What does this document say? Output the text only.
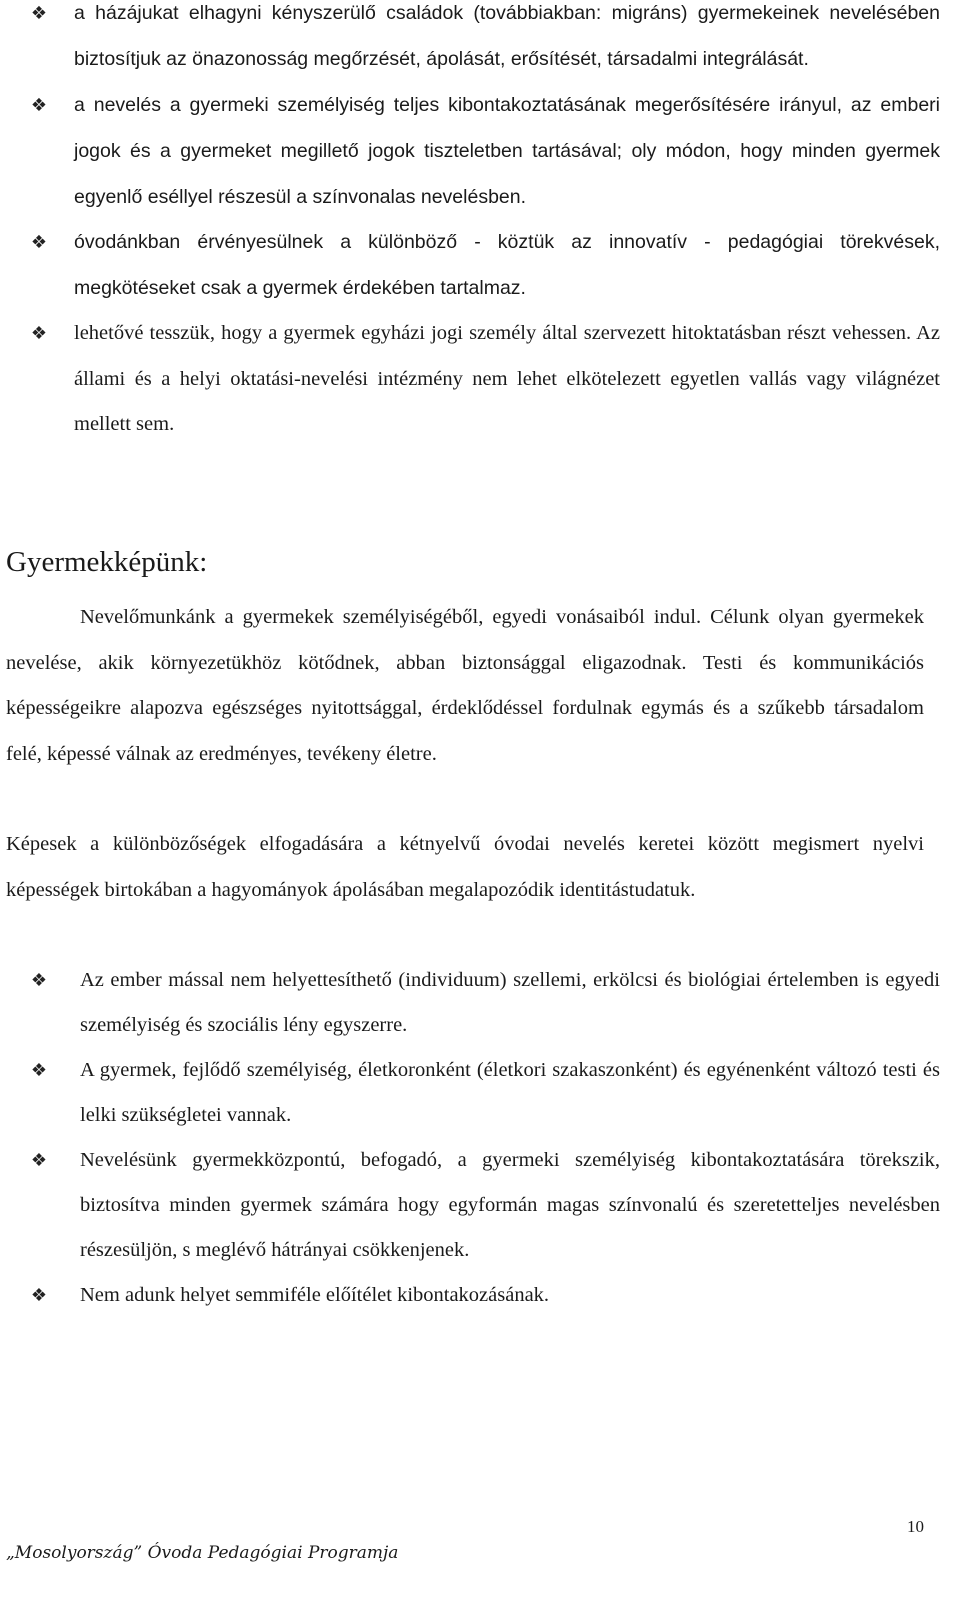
❖ a házájukat elhagyni kényszerülő családok (továbbiakban: migráns) gyermekeinek nevelésében biztosítjuk az önazonosság megőrzését, ápolását, erősítését, társadalmi integrálását.
❖ a nevelés a gyermeki személyiség teljes kibontakoztatásának megerősítésére irányul, az emberi jogok és a gyermeket megillető jogok tiszteletben tartásával; oly módon, hogy minden gyermek egyenlő eséllyel részesül a színvonalas nevelésben.
❖ óvodánkban érvényesülnek a különböző - köztük az innovatív - pedagógiai törekvések, megkötéseket csak a gyermek érdekében tartalmaz.
❖ lehetővé tesszük, hogy a gyermek egyházi jogi személy által szervezett hitoktatásban részt vehessen. Az állami és a helyi oktatási-nevelési intézmény nem lehet elkötelezett egyetlen vallás vagy világnézet mellett sem.
Gyermekképünk:

Nevelőmunkánk a gyermekek személyiségéből, egyedi vonásaiból indul. Célunk olyan gyermekek nevelése, akik környezetükhöz kötődnek, abban biztonsággal eligazodnak. Testi és kommunikációs képességeikre alapozva egészséges nyitottsággal, érdeklődéssel fordulnak egymás és a szűkebb társadalom felé, képessé válnak az eredményes, tevékeny életre.

Képesek a különbözőségek elfogadására a kétnyelvű óvodai nevelés keretei között megismert nyelvi képességek birtokában a hagyományok ápolásában megalapozódik identitástudatuk.

❖ Az ember mással nem helyettesíthető (individuum) szellemi, erkölcsi és biológiai értelemben is egyedi személyiség és szociális lény egyszerre.
❖ A gyermek, fejlődő személyiség, életkoronként (életkori szakaszonként) és egyénenként változó testi és lelki szükségletei vannak.
❖ Nevelésünk gyermekközpontú, befogadó, a gyermeki személyiség kibontakoztatására törekszik, biztosítva minden gyermek számára hogy egyformán magas színvonalú és szeretetteljes nevelésben részesüljön, s meglévő hátrányai csökkenjenek.
❖ Nem adunk helyet semmiféle előítélet kibontakozásának.
10
„Mosolyország” Óvoda Pedagógiai Programja
